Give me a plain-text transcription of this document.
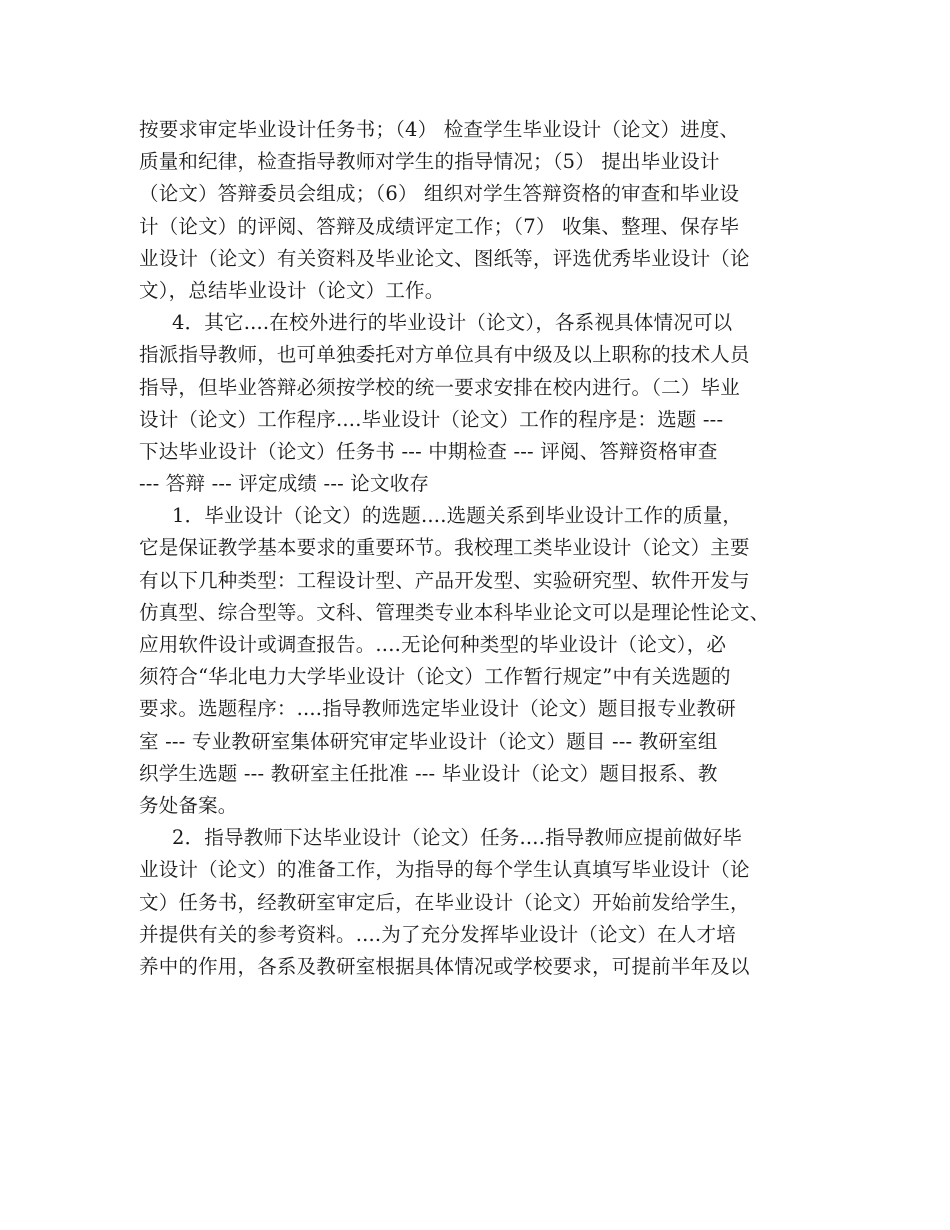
按要求审定毕业设计任务书；（4） 检查学生毕业设计（论文）进度、
质量和纪律，检查指导教师对学生的指导情况；（5） 提出毕业设计
（论文）答辩委员会组成；（6） 组织对学生答辩资格的审查和毕业设
计（论文）的评阅、答辩及成绩评定工作；（7） 收集、整理、保存毕
业设计（论文）有关资料及毕业论文、图纸等，评选优秀毕业设计（论
文），总结毕业设计（论文）工作。
4．其它....在校外进行的毕业设计（论文），各系视具体情况可以
指派指导教师，也可单独委托对方单位具有中级及以上职称的技术人员
指导，但毕业答辩必须按学校的统一要求安排在校内进行。（二）毕业
设计（论文）工作程序....毕业设计（论文）工作的程序是：选题 ---
下达毕业设计（论文）任务书 --- 中期检查 --- 评阅、答辩资格审查
--- 答辩 --- 评定成绩 --- 论文收存
1．毕业设计（论文）的选题....选题关系到毕业设计工作的质量，
它是保证教学基本要求的重要环节。我校理工类毕业设计（论文）主要
有以下几种类型：工程设计型、产品开发型、实验研究型、软件开发与
仿真型、综合型等。文科、管理类专业本科毕业论文可以是理论性论文、
应用软件设计或调查报告。....无论何种类型的毕业设计（论文），必
须符合“华北电力大学毕业设计（论文）工作暂行规定”中有关选题的
要求。选题程序：....指导教师选定毕业设计（论文）题目报专业教研
室 --- 专业教研室集体研究审定毕业设计（论文）题目 --- 教研室组
织学生选题 --- 教研室主任批准 --- 毕业设计（论文）题目报系、教
务处备案。
2．指导教师下达毕业设计（论文）任务....指导教师应提前做好毕
业设计（论文）的准备工作，为指导的每个学生认真填写毕业设计（论
文）任务书，经教研室审定后，在毕业设计（论文）开始前发给学生，
并提供有关的参考资料。....为了充分发挥毕业设计（论文）在人才培
养中的作用，各系及教研室根据具体情况或学校要求，可提前半年及以
